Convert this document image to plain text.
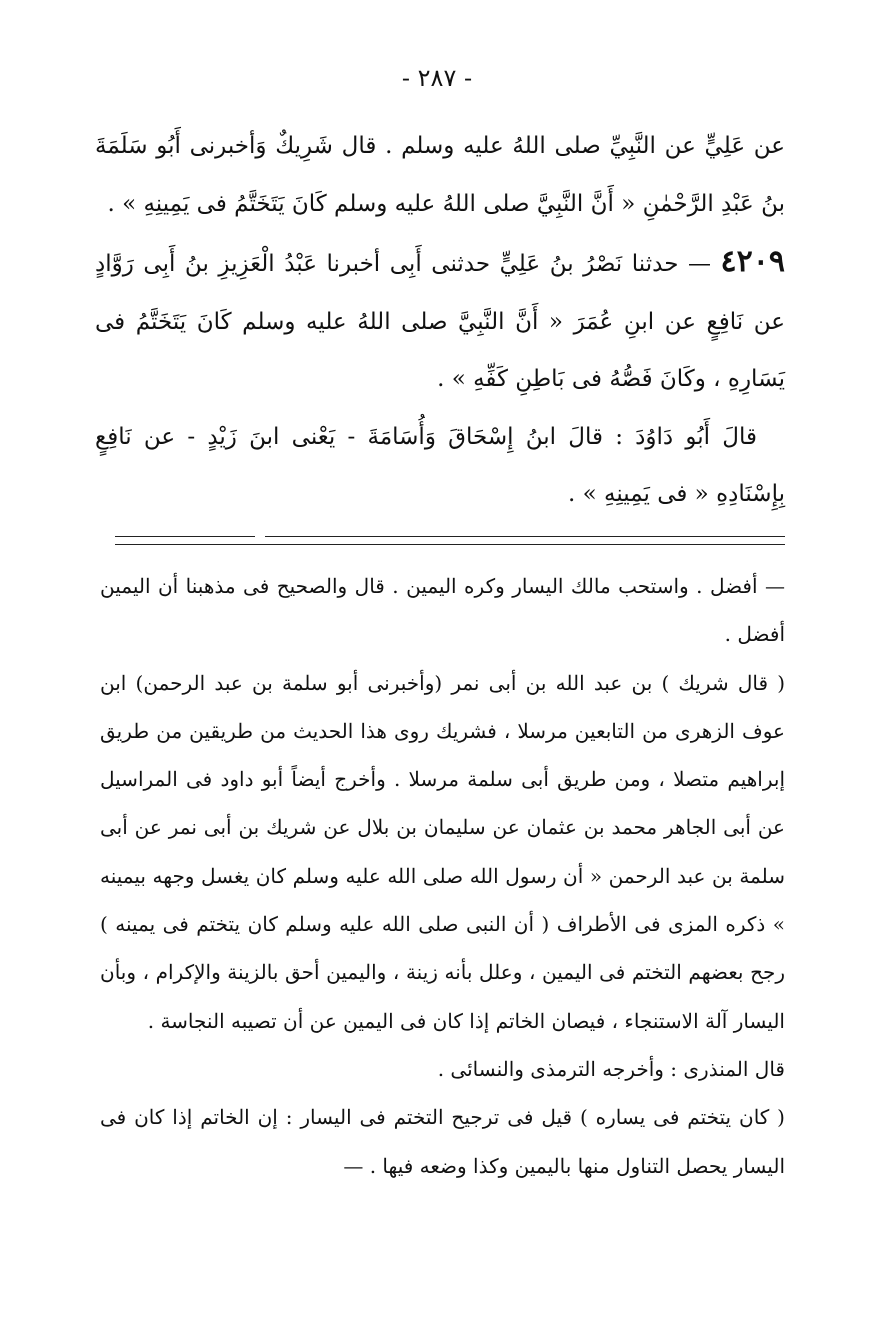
- ٢٨٧ -

عن عَلِيٍّ عن النَّبِيِّ صلى اللهُ عليه وسلم . قال شَرِيكٌ وَأخبرنى أَبُو سَلَمَةَ بنُ عَبْدِ الرَّحْمٰنِ « أَنَّ النَّبِيَّ صلى اللهُ عليه وسلم كَانَ يَتَخَتَّمُ فى يَمِينِهِ » .

٤٢٠٩ — حدثنا نَصْرُ بنُ عَلِيٍّ حدثنى أَبِى أخبرنا عَبْدُ الْعَزِيزِ بنُ أَبِى رَوَّادٍ عن نَافِعٍ عن ابنِ عُمَرَ « أَنَّ النَّبِيَّ صلى اللهُ عليه وسلم كَانَ يَتَخَتَّمُ فى يَسَارِهِ ، وكَانَ فَصُّهُ فى بَاطِنِ كَفِّهِ » .

قالَ أَبُو دَاوُدَ : قالَ ابنُ إِسْحَاقَ وَأُسَامَةَ - يَعْنى ابنَ زَيْدٍ - عن نَافِعٍ بِإِسْنَادِهِ « فى يَمِينِهِ » .

— أفضل . واستحب مالك اليسار وكره اليمين . قال والصحيح فى مذهبنا أن اليمين أفضل .

( قال شريك ) بن عبد الله بن أبى نمر (وأخبرنى أبو سلمة بن عبد الرحمن) ابن عوف الزهرى من التابعين مرسلا ، فشريك روى هذا الحديث من طريقين من طريق إبراهيم متصلا ، ومن طريق أبى سلمة مرسلا . وأخرج أيضاً أبو داود فى المراسيل عن أبى الجاهر محمد بن عثمان عن سليمان بن بلال عن شريك بن أبى نمر عن أبى سلمة بن عبد الرحمن « أن رسول الله صلى الله عليه وسلم كان يغسل وجهه بيمينه » ذكره المزى فى الأطراف ( أن النبى صلى الله عليه وسلم كان يتختم فى يمينه ) رجح بعضهم التختم فى اليمين ، وعلل بأنه زينة ، واليمين أحق بالزينة والإكرام ، وبأن اليسار آلة الاستنجاء ، فيصان الخاتم إذا كان فى اليمين عن أن تصيبه النجاسة .

قال المنذرى : وأخرجه الترمذى والنسائى .

( كان يتختم فى يساره ) قيل فى ترجيح التختم فى اليسار : إن الخاتم إذا كان فى اليسار يحصل التناول منها باليمين وكذا وضعه فيها . —
